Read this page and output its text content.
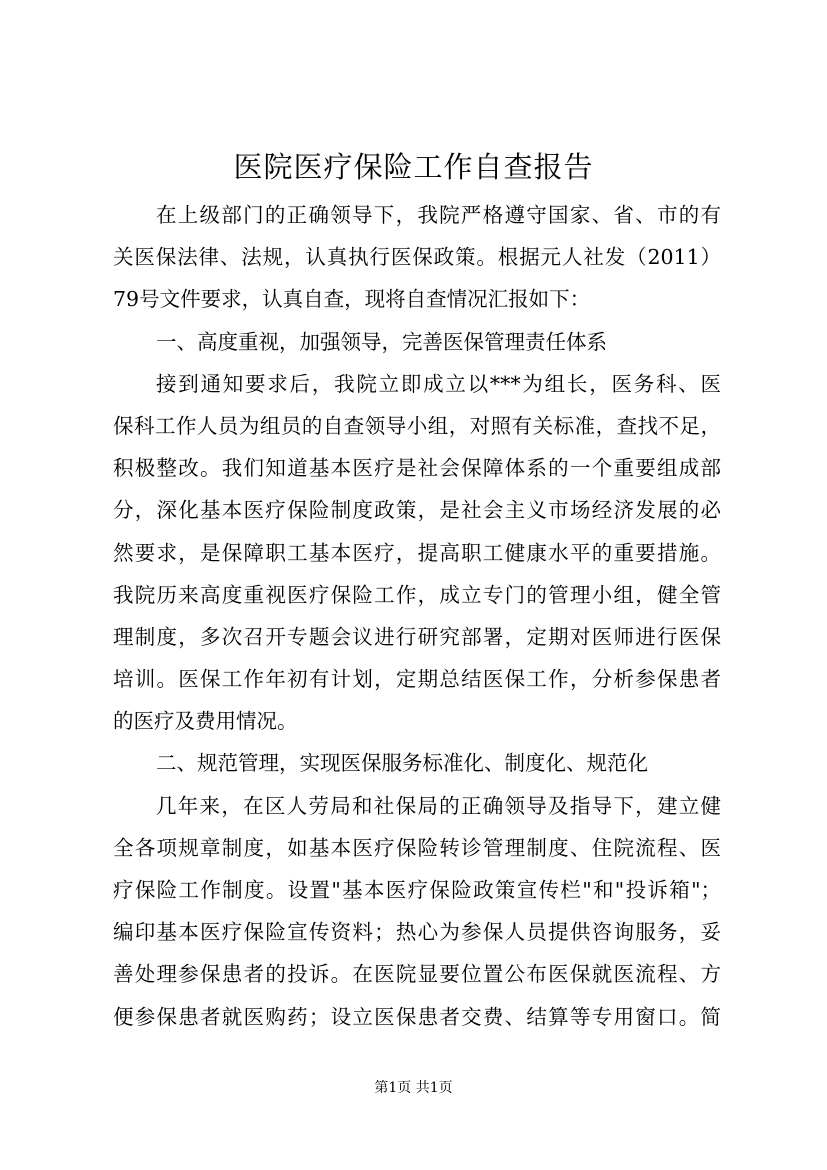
医院医疗保险工作自查报告
在上级部门的正确领导下，我院严格遵守国家、省、市的有
关医保法律、法规，认真执行医保政策。根据元人社发（2011）
79号文件要求，认真自查，现将自查情况汇报如下：
一、高度重视，加强领导，完善医保管理责任体系
接到通知要求后，我院立即成立以***为组长，医务科、医
保科工作人员为组员的自查领导小组，对照有关标准，查找不足，
积极整改。我们知道基本医疗是社会保障体系的一个重要组成部
分，深化基本医疗保险制度政策，是社会主义市场经济发展的必
然要求，是保障职工基本医疗，提高职工健康水平的重要措施。
我院历来高度重视医疗保险工作，成立专门的管理小组，健全管
理制度，多次召开专题会议进行研究部署，定期对医师进行医保
培训。医保工作年初有计划，定期总结医保工作，分析参保患者
的医疗及费用情况。
二、规范管理，实现医保服务标准化、制度化、规范化
几年来，在区人劳局和社保局的正确领导及指导下，建立健
全各项规章制度，如基本医疗保险转诊管理制度、住院流程、医
疗保险工作制度。设置"基本医疗保险政策宣传栏"和"投诉箱"；
编印基本医疗保险宣传资料；热心为参保人员提供咨询服务，妥
善处理参保患者的投诉。在医院显要位置公布医保就医流程、方
便参保患者就医购药；设立医保患者交费、结算等专用窗口。简
第1页 共1页
